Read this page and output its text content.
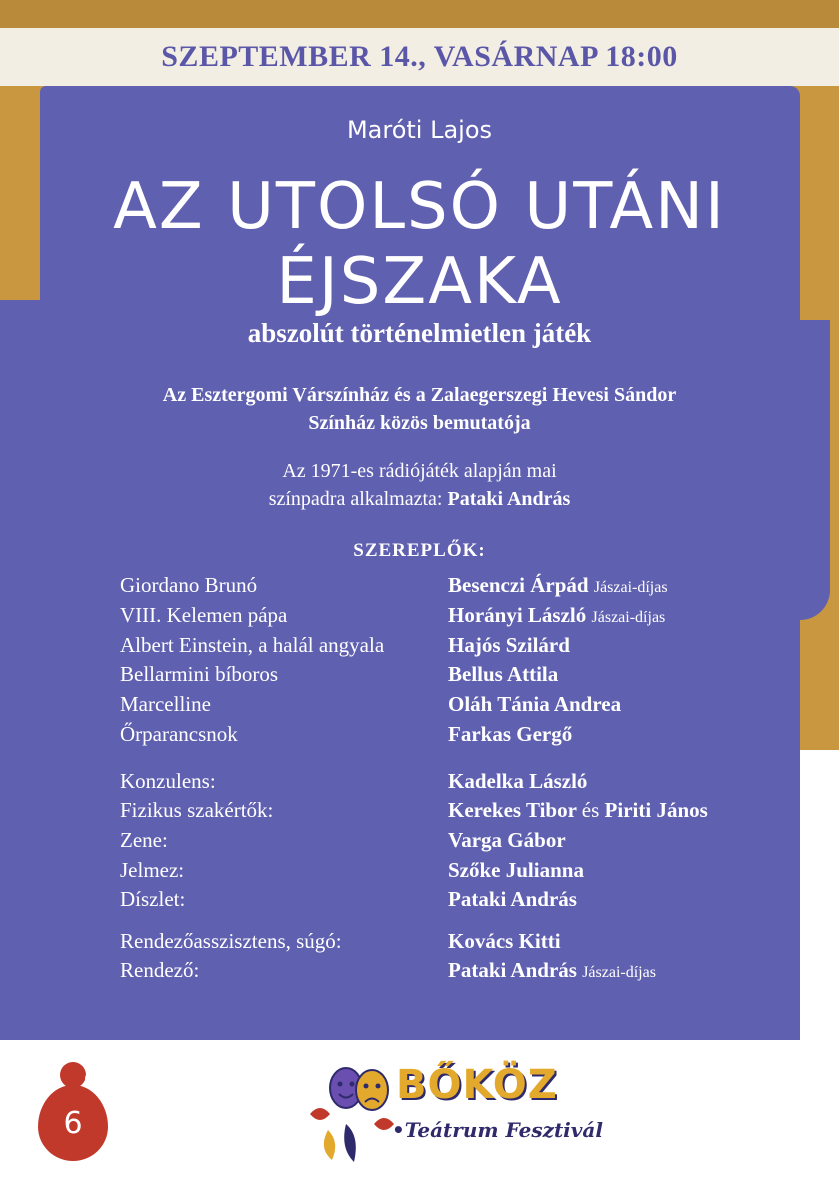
SZEPTEMBER 14., VASÁRNAP 18:00
Maróti Lajos
AZ UTOLSÓ UTÁNI
ÉJSZAKA
abszolút történelmietlen játék
Az Esztergomi Várszínház és a Zalaegerszegi Hevesi Sándor
Színház közös bemutatója
Az 1971-es rádiójáték alapján mai
színpadra alkalmazta: Pataki András
SZEREPLŐK:
Giordano Brunó	Besenczi Árpád Jászai-díjas
VIII. Kelemen pápa	Horányi László Jászai-díjas
Albert Einstein, a halál angyala	Hajós Szilárd
Bellarmini bíboros	Bellus Attila
Marcelline	Oláh Tánia Andrea
Őrparancsnok	Farkas Gergő
Konzulens:	Kadelka László
Fizikus szakértők:	Kerekes Tibor és Piriti János
Zene:	Varga Gábor
Jelmez:	Szőke Julianna
Díszlet:	Pataki András
Rendezőasszisztens, súgó:	Kovács Kitti
Rendező:	Pataki András Jászai-díjas
6
BŐKÖZ
•Teátrum Fesztivál
